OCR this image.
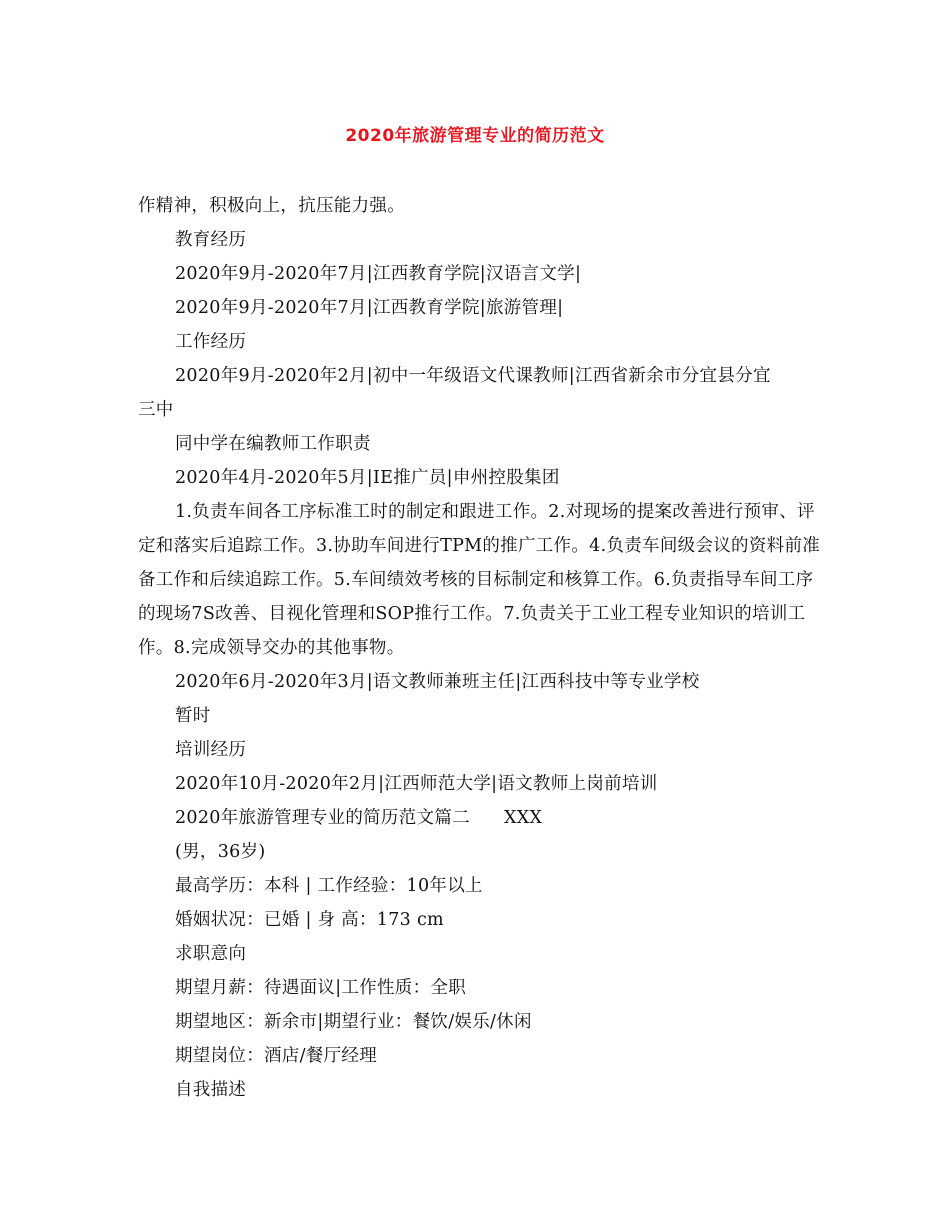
2020年旅游管理专业的简历范文
作精神，积极向上，抗压能力强。
教育经历
2020年9月-2020年7月|江西教育学院|汉语言文学|
2020年9月-2020年7月|江西教育学院|旅游管理|
工作经历
2020年9月-2020年2月|初中一年级语文代课教师|江西省新余市分宜县分宜
三中
同中学在编教师工作职责
2020年4月-2020年5月|IE推广员|申州控股集团

1.负责车间各工序标准工时的制定和跟进工作。2.对现场的提案改善进行预审、评定和落实后追踪工作。3.协助车间进行TPM的推广工作。4.负责车间级会议的资料前准备工作和后续追踪工作。5.车间绩效考核的目标制定和核算工作。6.负责指导车间工序的现场7S改善、目视化管理和SOP推行工作。7.负责关于工业工程专业知识的培训工作。8.完成领导交办的其他事物。

2020年6月-2020年3月|语文教师兼班主任|江西科技中等专业学校
暂时
培训经历
2020年10月-2020年2月|江西师范大学|语文教师上岗前培训
2020年旅游管理专业的简历范文篇二 XXX
(男，36岁)
最高学历：本科 | 工作经验：10年以上
婚姻状况：已婚 | 身 高：173 cm
求职意向
期望月薪：待遇面议|工作性质：全职
期望地区：新余市|期望行业：餐饮/娱乐/休闲
期望岗位：酒店/餐厅经理
自我描述
